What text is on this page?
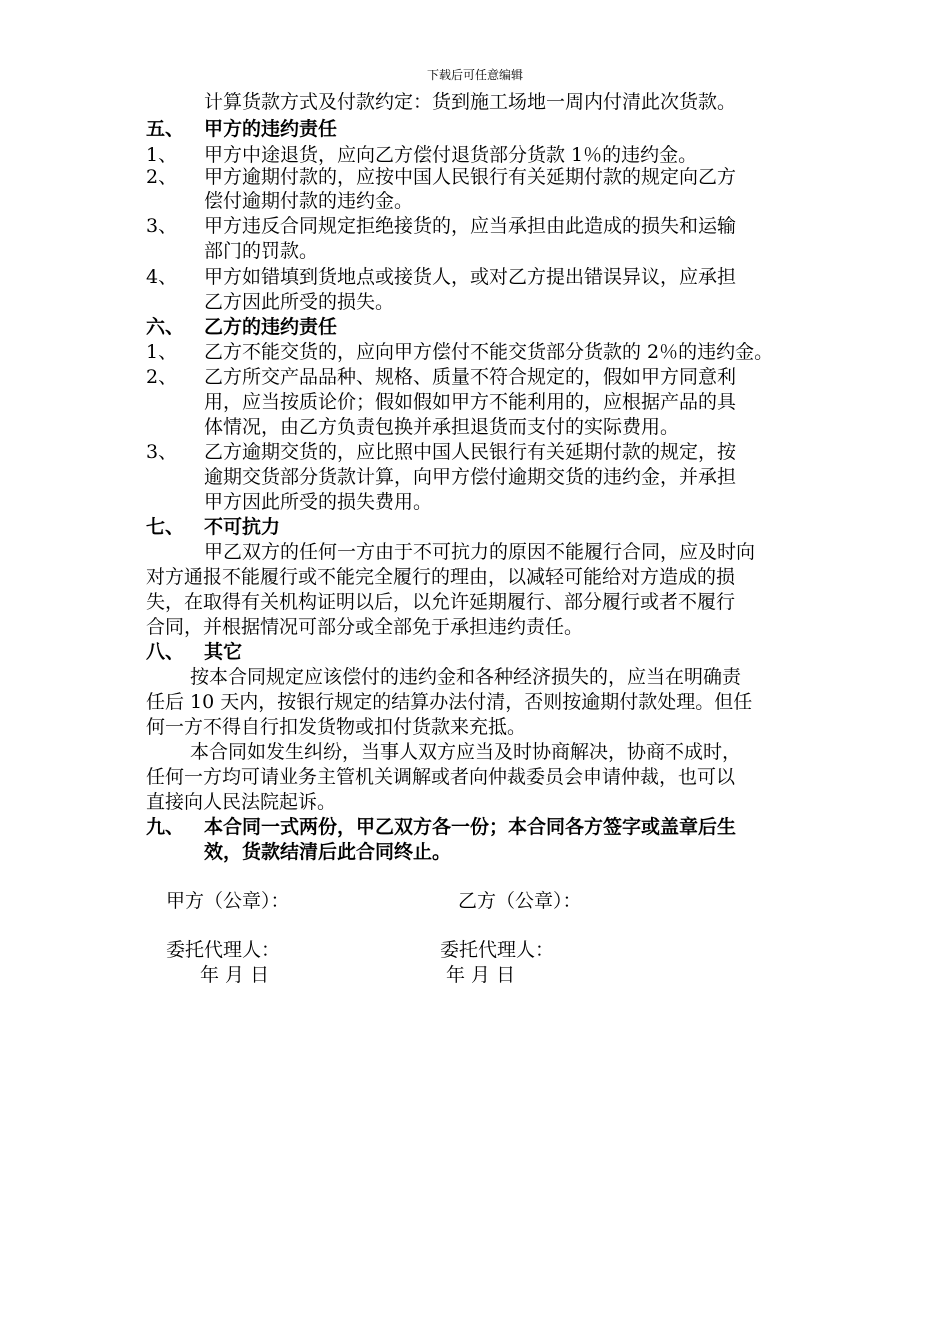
下载后可任意编辑
计算货款方式及付款约定：货到施工场地一周内付清此次货款。
五、 甲方的违约责任
1、 甲方中途退货，应向乙方偿付退货部分货款 1％的违约金。
2、 甲方逾期付款的，应按中国人民银行有关延期付款的规定向乙方
偿付逾期付款的违约金。
3、 甲方违反合同规定拒绝接货的，应当承担由此造成的损失和运输
部门的罚款。
4、 甲方如错填到货地点或接货人，或对乙方提出错误异议，应承担
乙方因此所受的损失。
六、 乙方的违约责任
1、 乙方不能交货的，应向甲方偿付不能交货部分货款的 2％的违约金。
2、 乙方所交产品品种、规格、质量不符合规定的，假如甲方同意利
用，应当按质论价；假如假如甲方不能利用的，应根据产品的具
体情况，由乙方负责包换并承担退货而支付的实际费用。
3、 乙方逾期交货的，应比照中国人民银行有关延期付款的规定，按
逾期交货部分货款计算，向甲方偿付逾期交货的违约金，并承担
甲方因此所受的损失费用。
七、 不可抗力
甲乙双方的任何一方由于不可抗力的原因不能履行合同，应及时向
对方通报不能履行或不能完全履行的理由，以减轻可能给对方造成的损
失，在取得有关机构证明以后，以允许延期履行、部分履行或者不履行
合同，并根据情况可部分或全部免于承担违约责任。
八、 其它
按本合同规定应该偿付的违约金和各种经济损失的，应当在明确责
任后 10 天内，按银行规定的结算办法付清，否则按逾期付款处理。但任
何一方不得自行扣发货物或扣付货款来充抵。
本合同如发生纠纷，当事人双方应当及时协商解决，协商不成时，
任何一方均可请业务主管机关调解或者向仲裁委员会申请仲裁，也可以
直接向人民法院起诉。
九、 本合同一式两份，甲乙双方各一份；本合同各方签字或盖章后生
效，货款结清后此合同终止。
甲方（公章）：	乙方（公章）：
委托代理人：	委托代理人：
年 月 日	年 月 日
